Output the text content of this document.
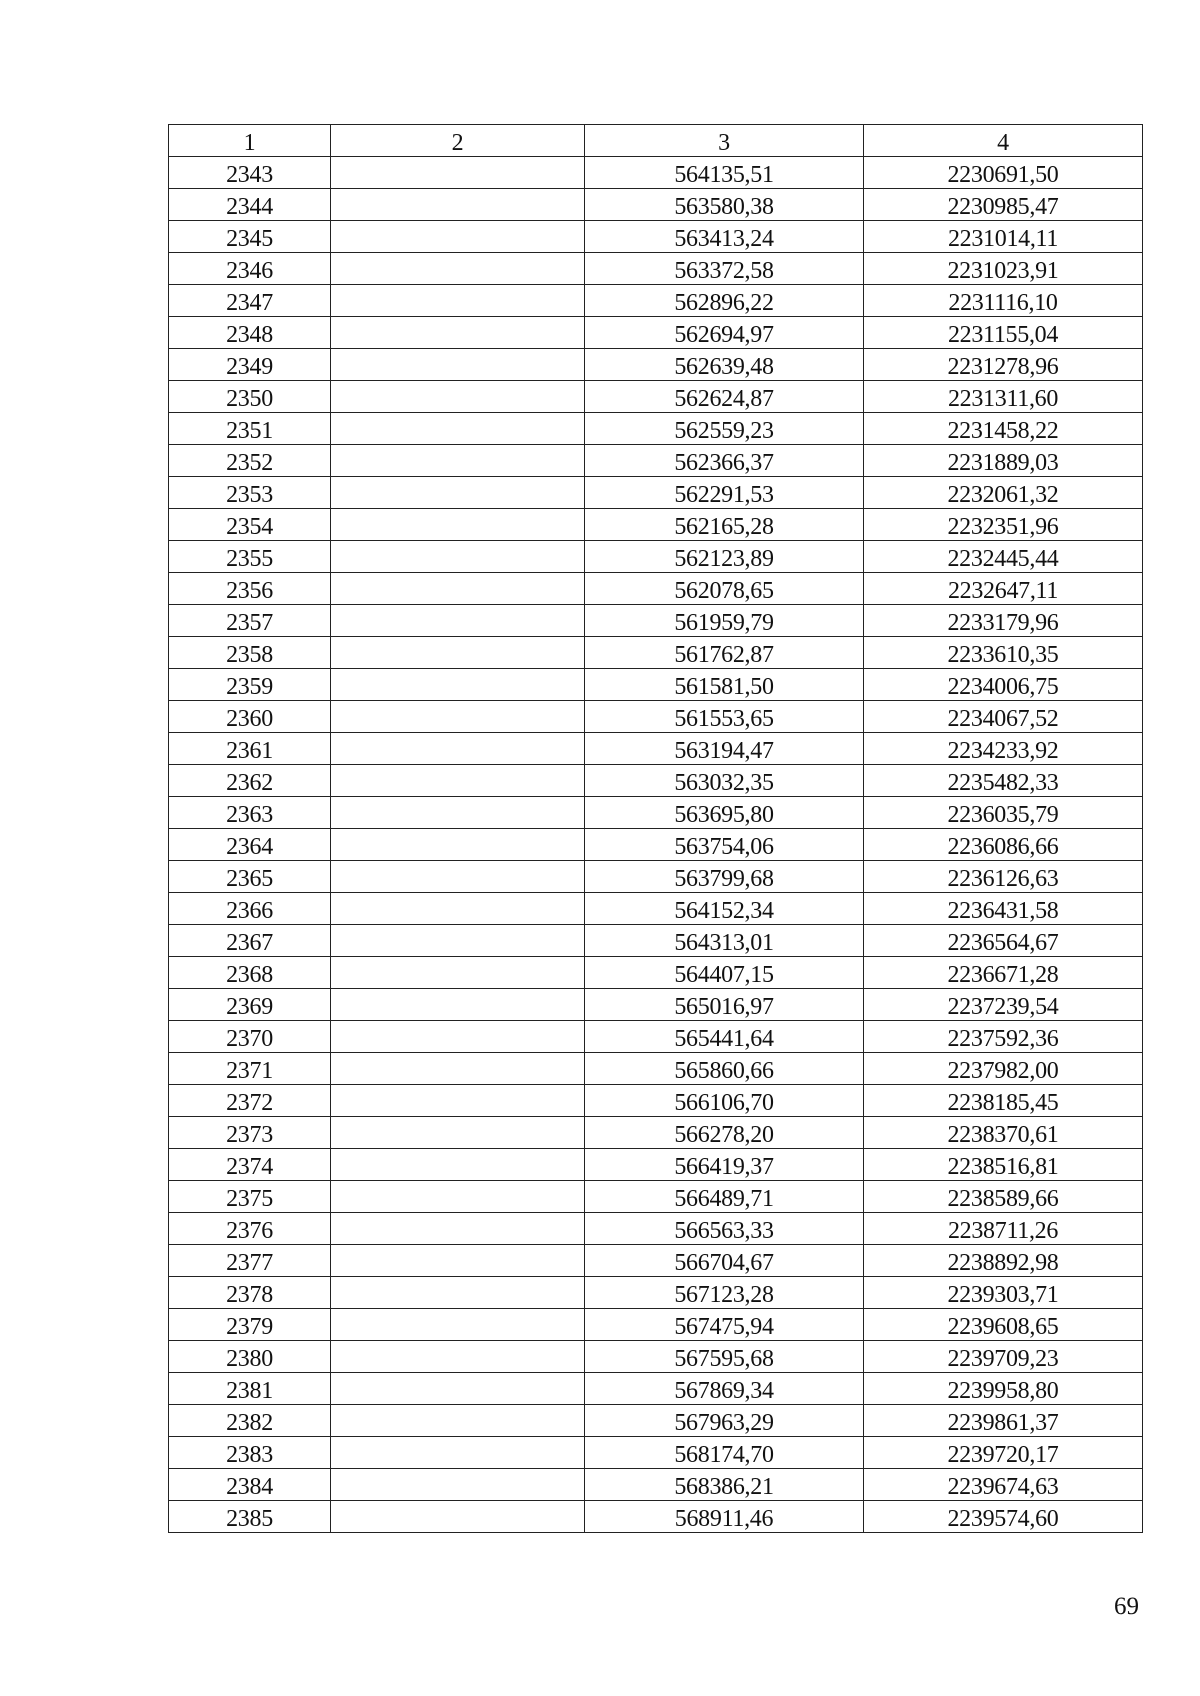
1	2	3	4
2343		564135,51	2230691,50
2344		563580,38	2230985,47
2345		563413,24	2231014,11
2346		563372,58	2231023,91
2347		562896,22	2231116,10
2348		562694,97	2231155,04
2349		562639,48	2231278,96
2350		562624,87	2231311,60
2351		562559,23	2231458,22
2352		562366,37	2231889,03
2353		562291,53	2232061,32
2354		562165,28	2232351,96
2355		562123,89	2232445,44
2356		562078,65	2232647,11
2357		561959,79	2233179,96
2358		561762,87	2233610,35
2359		561581,50	2234006,75
2360		561553,65	2234067,52
2361		563194,47	2234233,92
2362		563032,35	2235482,33
2363		563695,80	2236035,79
2364		563754,06	2236086,66
2365		563799,68	2236126,63
2366		564152,34	2236431,58
2367		564313,01	2236564,67
2368		564407,15	2236671,28
2369		565016,97	2237239,54
2370		565441,64	2237592,36
2371		565860,66	2237982,00
2372		566106,70	2238185,45
2373		566278,20	2238370,61
2374		566419,37	2238516,81
2375		566489,71	2238589,66
2376		566563,33	2238711,26
2377		566704,67	2238892,98
2378		567123,28	2239303,71
2379		567475,94	2239608,65
2380		567595,68	2239709,23
2381		567869,34	2239958,80
2382		567963,29	2239861,37
2383		568174,70	2239720,17
2384		568386,21	2239674,63
2385		568911,46	2239574,60
69
